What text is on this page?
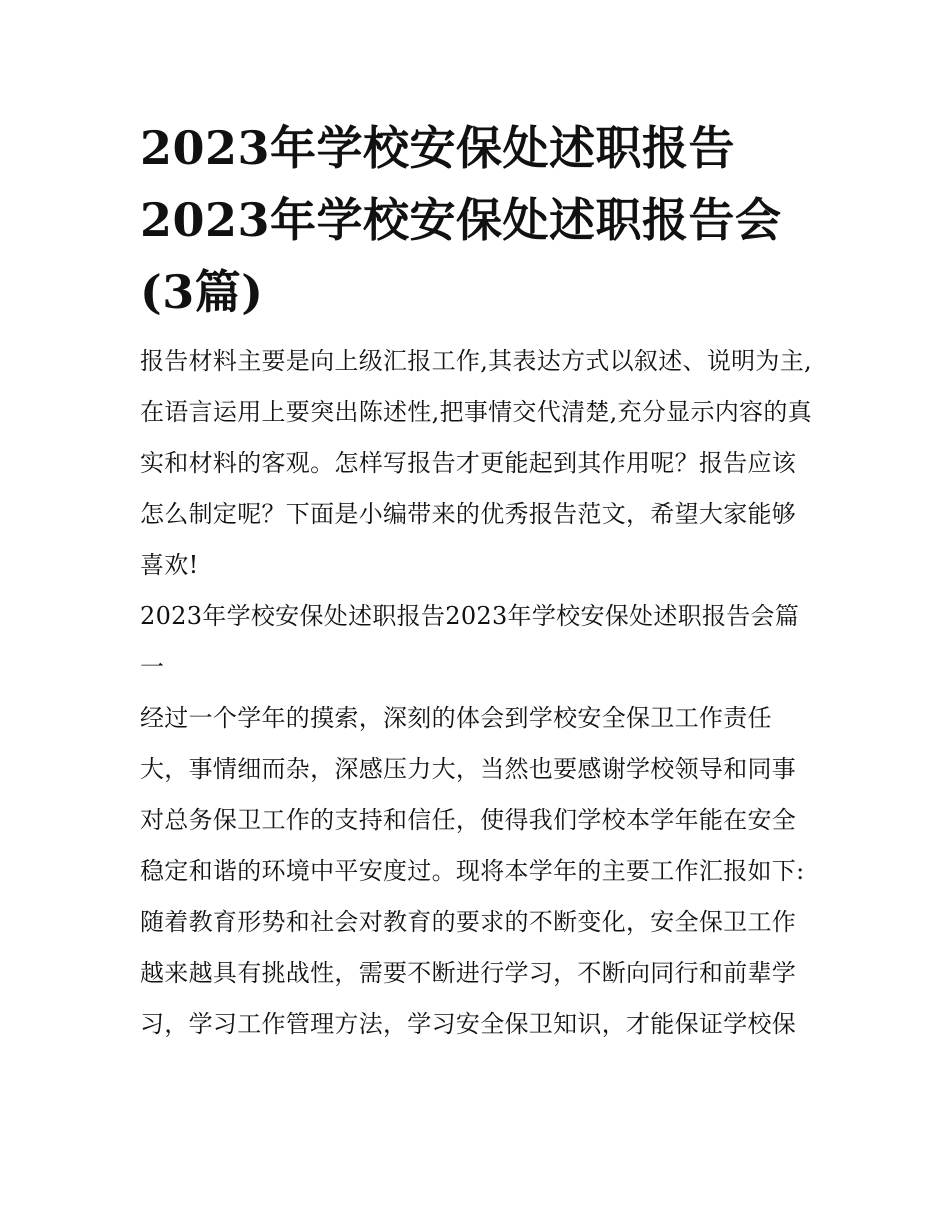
2023年学校安保处述职报告2023年学校安保处述职报告会(3篇)

报告材料主要是向上级汇报工作,其表达方式以叙述、说明为主,在语言运用上要突出陈述性,把事情交代清楚,充分显示内容的真实和材料的客观。怎样写报告才更能起到其作用呢？报告应该怎么制定呢？下面是小编带来的优秀报告范文，希望大家能够喜欢!

2023年学校安保处述职报告2023年学校安保处述职报告会篇一

经过一个学年的摸索，深刻的体会到学校安全保卫工作责任大，事情细而杂，深感压力大，当然也要感谢学校领导和同事对总务保卫工作的支持和信任，使得我们学校本学年能在安全稳定和谐的环境中平安度过。现将本学年的主要工作汇报如下:

随着教育形势和社会对教育的要求的不断变化，安全保卫工作越来越具有挑战性，需要不断进行学习，不断向同行和前辈学习，学习工作管理方法，学习安全保卫知识，才能保证学校保
